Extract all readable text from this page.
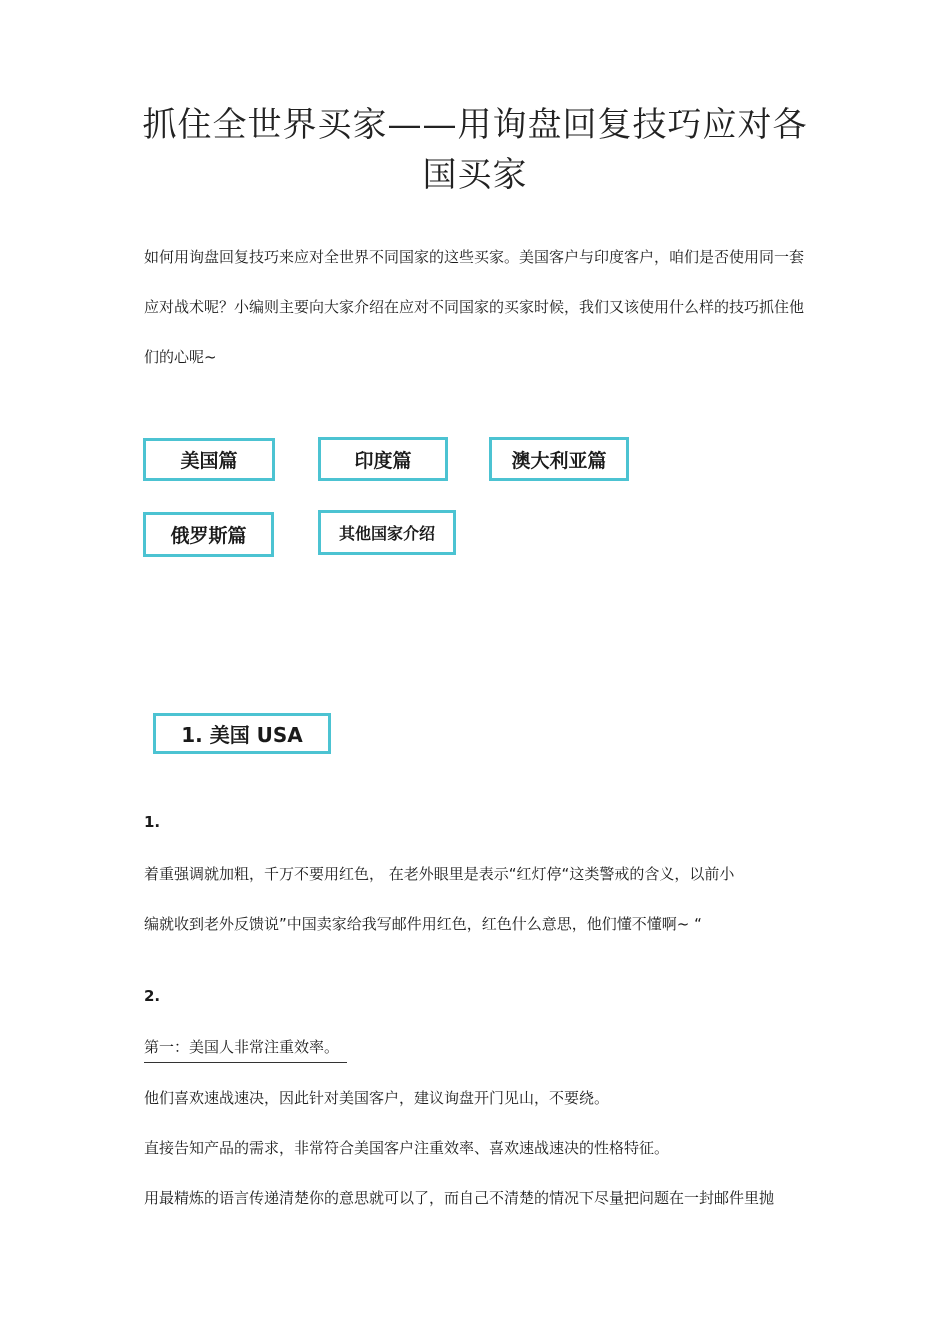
抓住全世界买家——用询盘回复技巧应对各
国买家
如何用询盘回复技巧来应对全世界不同国家的这些买家。美国客户与印度客户，咱们是否使用同一套应对战术呢？小编则主要向大家介绍在应对不同国家的买家时候，我们又该使用什么样的技巧抓住他们的心呢~
美国篇	印度篇	澳大利亚篇
俄罗斯篇	其他国家介绍
1. 美国 USA
1.
着重强调就加粗，千万不要用红色， 在老外眼里是表示“红灯停“这类警戒的含义，以前小
编就收到老外反馈说”中国卖家给我写邮件用红色，红色什么意思，他们懂不懂啊~ “
2.
第一：美国人非常注重效率。
他们喜欢速战速决，因此针对美国客户，建议询盘开门见山，不要绕。
直接告知产品的需求，非常符合美国客户注重效率、喜欢速战速决的性格特征。
用最精炼的语言传递清楚你的意思就可以了，而自己不清楚的情况下尽量把问题在一封邮件里抛
